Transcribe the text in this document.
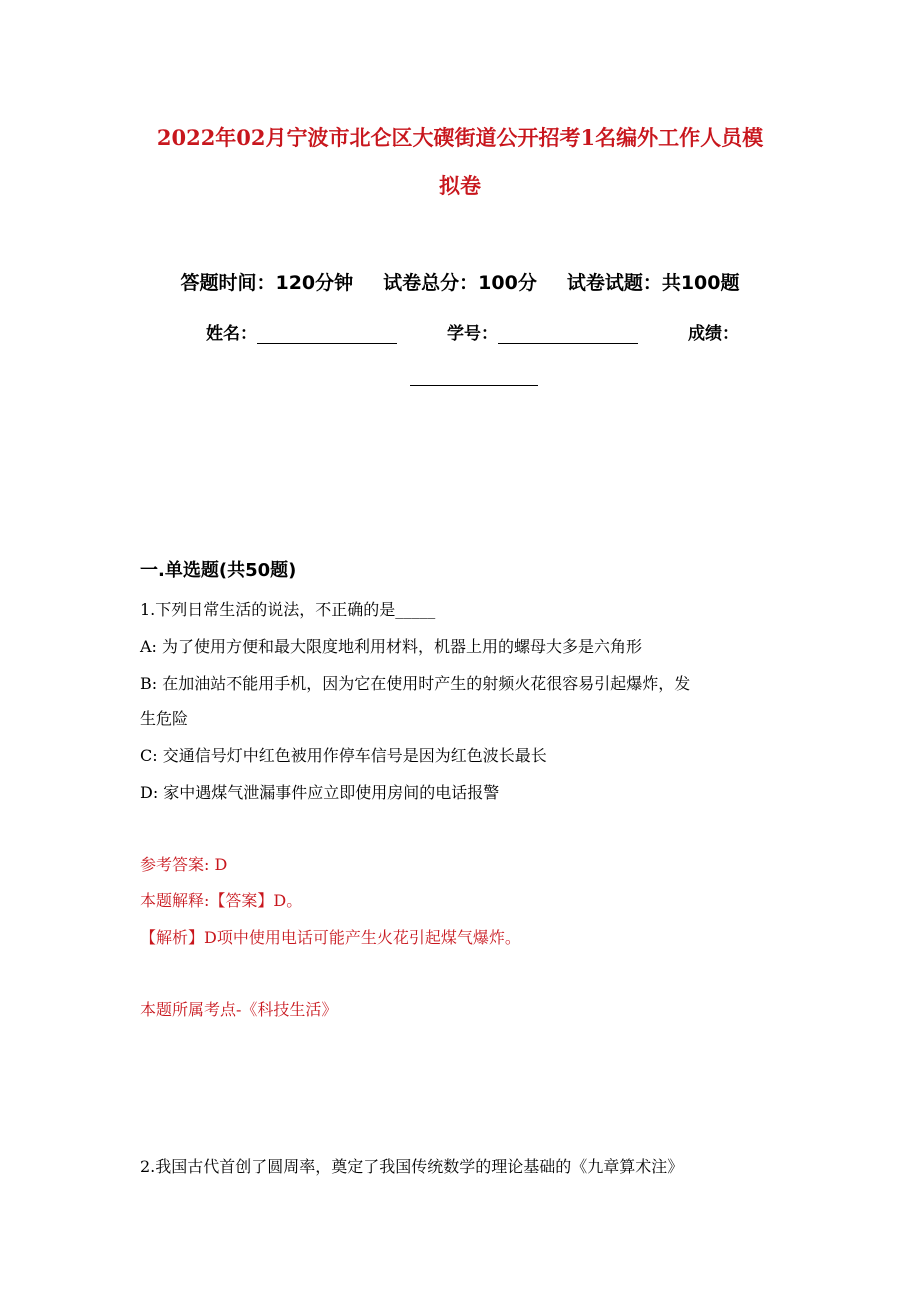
2022年02月宁波市北仑区大碶街道公开招考1名编外工作人员模
拟卷
答题时间：120分钟 试卷总分：100分 试卷试题：共100题
姓名：	学号：	成绩：
一.单选题(共50题)

1.下列日常生活的说法，不正确的是_____

A: 为了使用方便和最大限度地利用材料，机器上用的螺母大多是六角形

B: 在加油站不能用手机，因为它在使用时产生的射频火花很容易引起爆炸，发

生危险

C: 交通信号灯中红色被用作停车信号是因为红色波长最长

D: 家中遇煤气泄漏事件应立即使用房间的电话报警

参考答案: D

本题解释:【答案】D。

【解析】D项中使用电话可能产生火花引起煤气爆炸。

本题所属考点-《科技生活》

2.我国古代首创了圆周率，奠定了我国传统数学的理论基础的《九章算术注》
